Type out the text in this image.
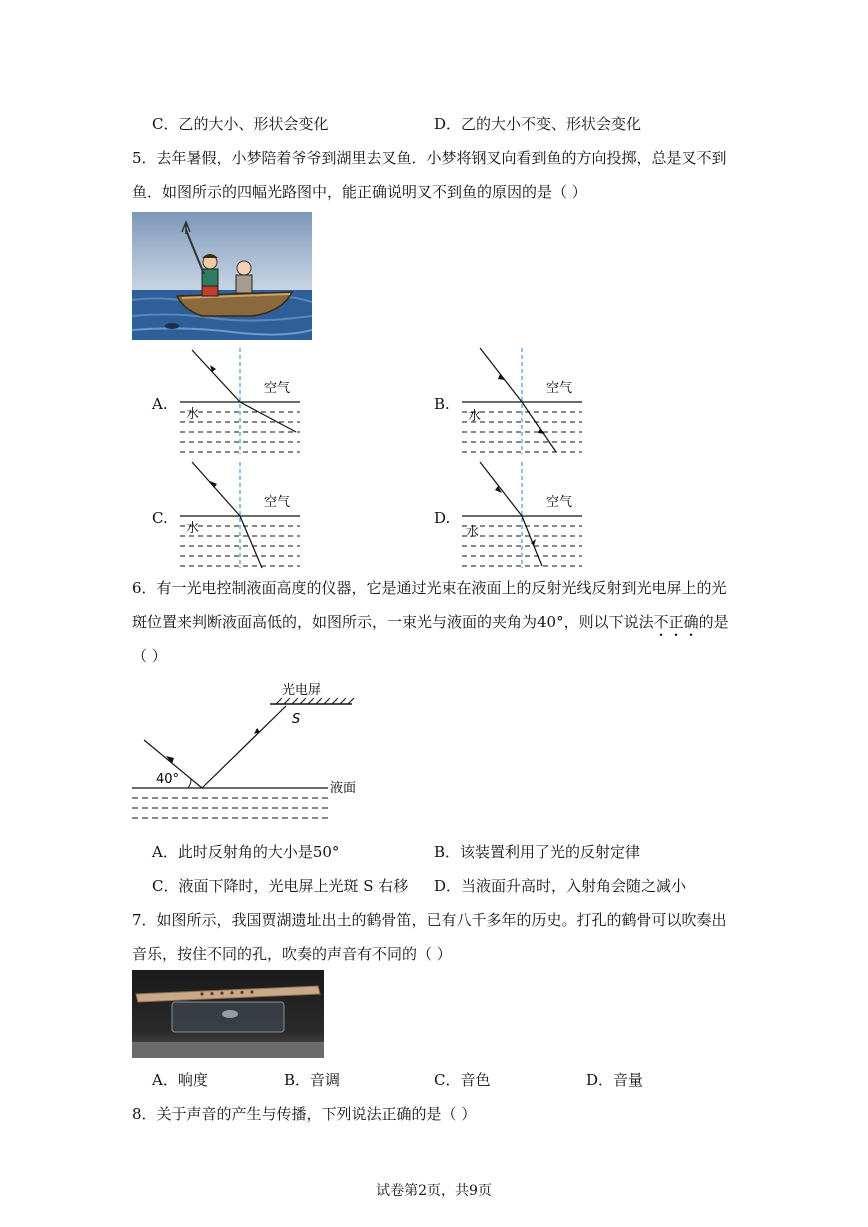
C．乙的大小、形状会变化	D．乙的大小不变、形状会变化
5．去年暑假，小梦陪着爷爷到湖里去叉鱼．小梦将钢叉向看到鱼的方向投掷，总是叉不到
鱼．如图所示的四幅光路图中，能正确说明叉不到鱼的原因的是（ ）
A.
空气
水
B.
空气
水
C.
空气
水
D.
空气
水
6．有一光电控制液面高度的仪器，它是通过光束在液面上的反射光线反射到光电屏上的光
斑位置来判断液面高低的，如图所示，一束光与液面的夹角为40°，则以下说法不正确的是
（ ）
光电屏
S
液面
40°
A．此时反射角的大小是50°	B．该装置利用了光的反射定律
C．液面下降时，光电屏上光斑 S 右移 D．当液面升高时，入射角会随之减小
7．如图所示，我国贾湖遗址出土的鹤骨笛，已有八千多年的历史。打孔的鹤骨可以吹奏出
音乐，按住不同的孔，吹奏的声音有不同的（ ）
A．响度	B．音调	C．音色	D．音量
8．关于声音的产生与传播，下列说法正确的是（ ）
试卷第2页，共9页
